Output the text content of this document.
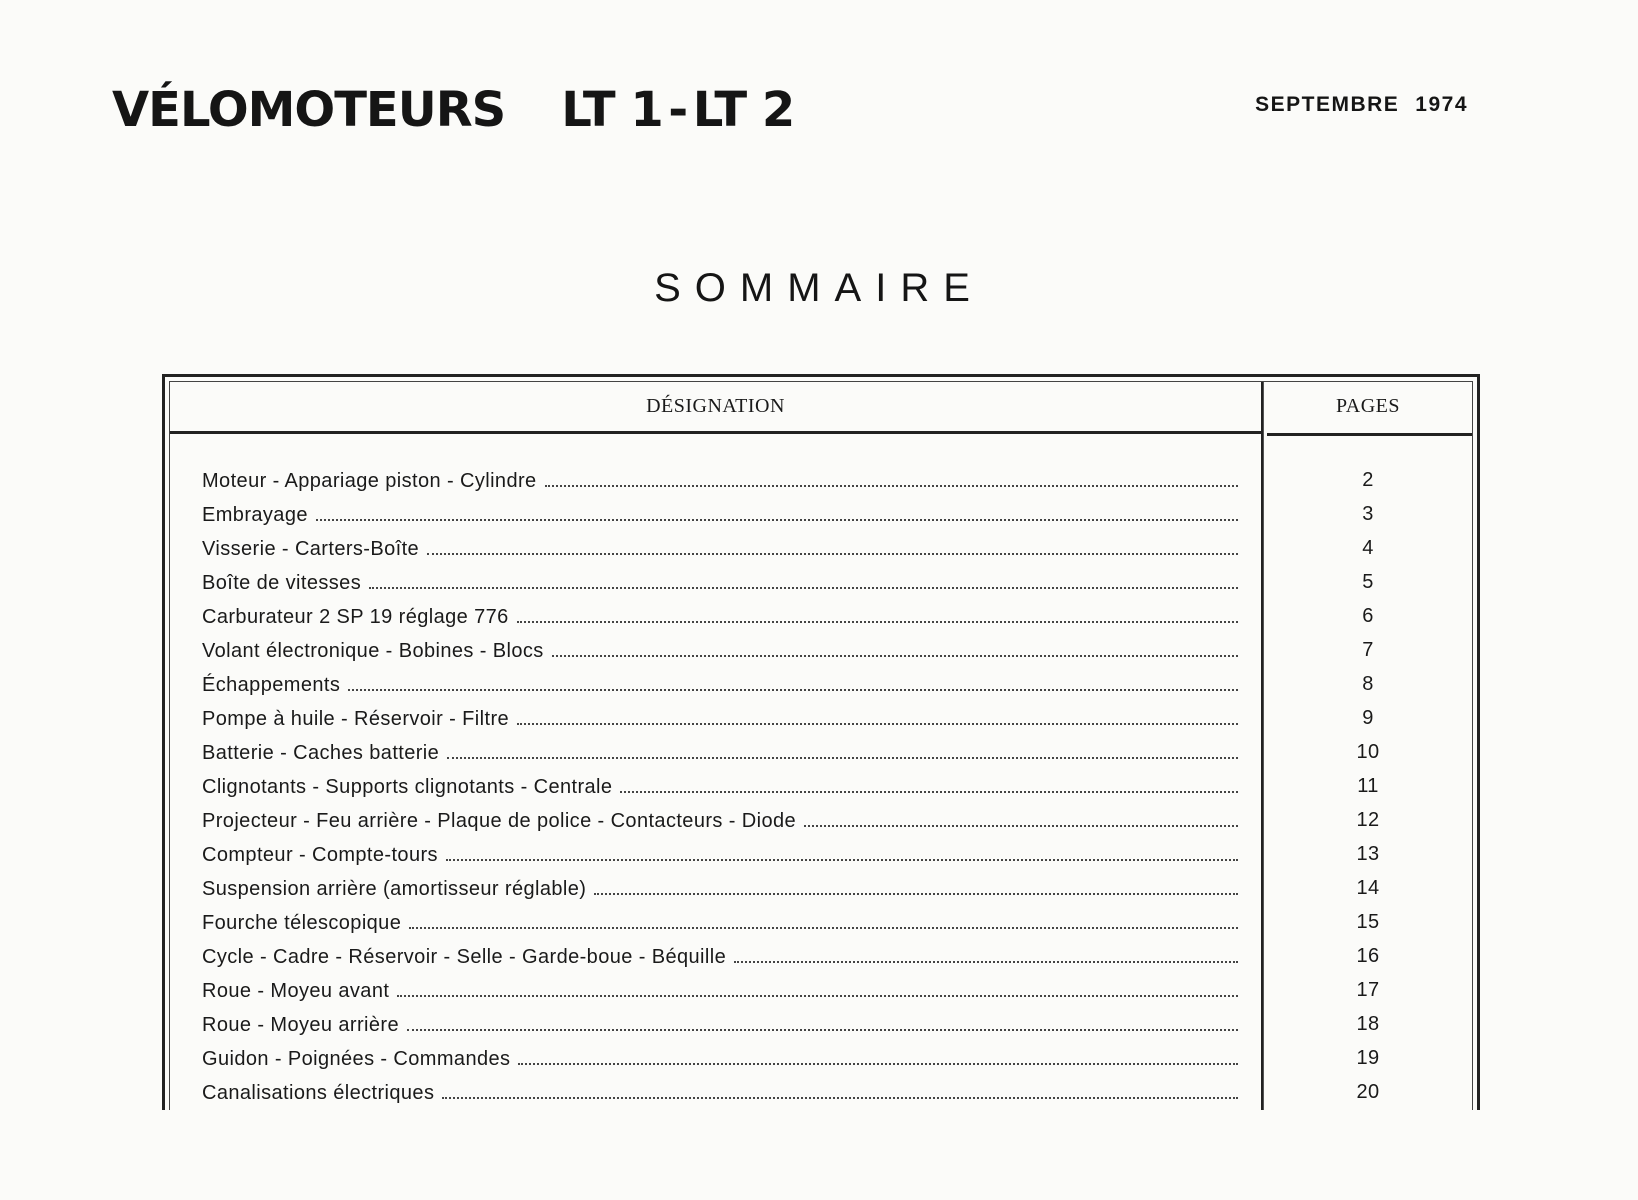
VÉLOMOTEURS LT 1 - LT 2	SEPTEMBRE 1974
SOMMAIRE
DÉSIGNATION	PAGES
Moteur - Appariage piston - Cylindre	2
Embrayage	3
Visserie - Carters-Boîte	4
Boîte de vitesses	5
Carburateur 2 SP 19 réglage 776	6
Volant électronique - Bobines - Blocs	7
Échappements	8
Pompe à huile - Réservoir - Filtre	9
Batterie - Caches batterie	10
Clignotants - Supports clignotants - Centrale	11
Projecteur - Feu arrière - Plaque de police - Contacteurs - Diode	12
Compteur - Compte-tours	13
Suspension arrière (amortisseur réglable)	14
Fourche télescopique	15
Cycle - Cadre - Réservoir - Selle - Garde-boue - Béquille	16
Roue - Moyeu avant	17
Roue - Moyeu arrière	18
Guidon - Poignées - Commandes	19
Canalisations électriques	20
